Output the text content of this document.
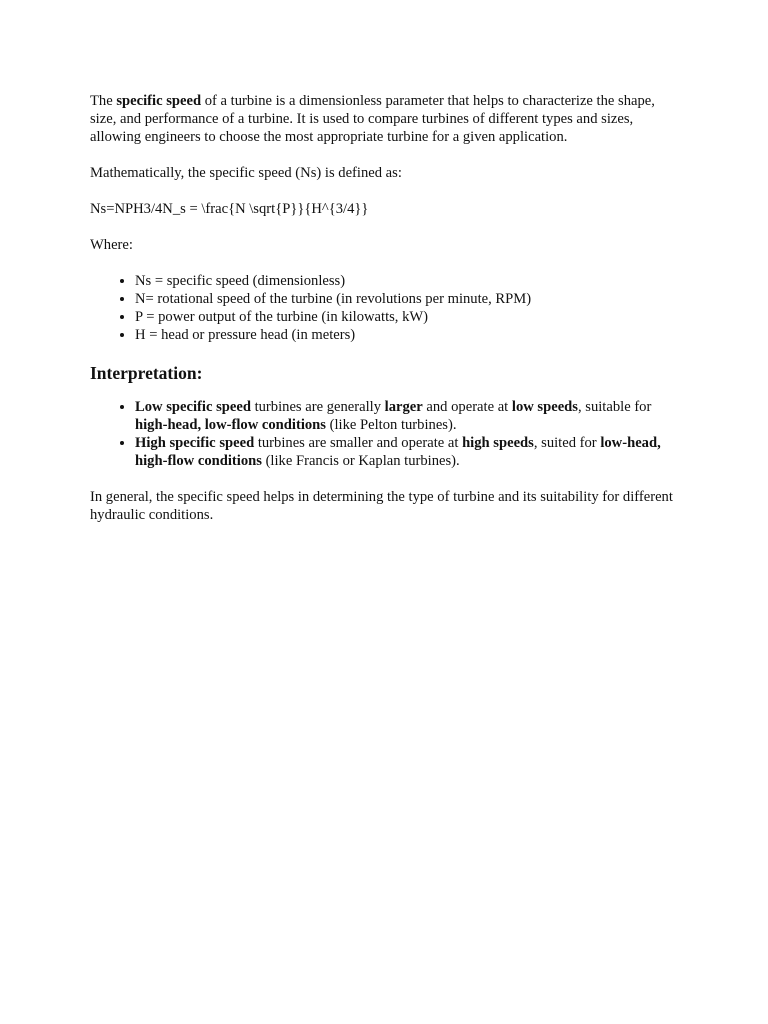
The specific speed of a turbine is a dimensionless parameter that helps to characterize the shape, size, and performance of a turbine. It is used to compare turbines of different types and sizes, allowing engineers to choose the most appropriate turbine for a given application.

Mathematically, the specific speed (Ns) is defined as:

Ns=NPH3/4N_s = \frac{N \sqrt{P}}{H^{3/4}}

Where:

• Ns = specific speed (dimensionless)
• N= rotational speed of the turbine (in revolutions per minute, RPM)
• P = power output of the turbine (in kilowatts, kW)
• H = head or pressure head (in meters)
Interpretation:
• Low specific speed turbines are generally larger and operate at low speeds, suitable for high-head, low-flow conditions (like Pelton turbines).
• High specific speed turbines are smaller and operate at high speeds, suited for low-head, high-flow conditions (like Francis or Kaplan turbines).

In general, the specific speed helps in determining the type of turbine and its suitability for different hydraulic conditions.
